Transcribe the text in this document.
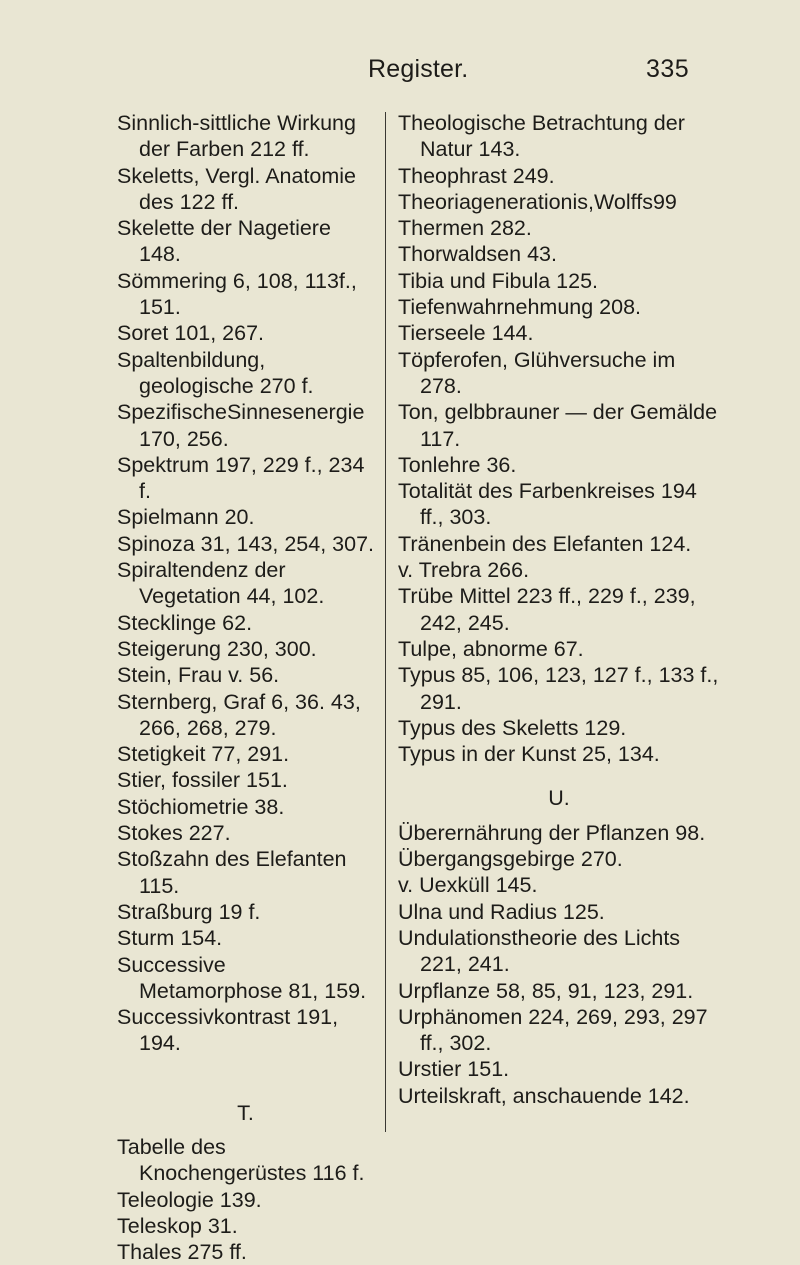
Register.	335

Sinnlich-sittliche Wirkung der Farben 212 ff.

Skeletts, Vergl. Anatomie des 122 ff.

Skelette der Nagetiere 148.

Sömmering 6, 108, 113f., 151.

Soret 101, 267.

Spaltenbildung, geologische 270 f.

SpezifischeSinnesenergie 170, 256.

Spektrum 197, 229 f., 234 f.

Spielmann 20.

Spinoza 31, 143, 254, 307.

Spiraltendenz der Vegetation 44, 102.

Stecklinge 62.

Steigerung 230, 300.

Stein, Frau v. 56.

Sternberg, Graf 6, 36. 43, 266, 268, 279.

Stetigkeit 77, 291.

Stier, fossiler 151.

Stöchiometrie 38.

Stokes 227.

Stoßzahn des Elefanten 115.

Straßburg 19 f.

Sturm 154.

Successive Metamorphose 81, 159.

Successivkontrast 191, 194.

T.

Tabelle des Knochengerüstes 116 f.

Teleologie 139.

Teleskop 31.

Thales 275 ff.

Theologische Betrachtung der Natur 143.

Theophrast 249.

Theoriagenerationis,Wolffs99

Thermen 282.

Thorwaldsen 43.

Tibia und Fibula 125.

Tiefenwahrnehmung 208.

Tierseele 144.

Töpferofen, Glühversuche im 278.

Ton, gelbbrauner — der Gemälde 117.

Tonlehre 36.

Totalität des Farbenkreises 194 ff., 303.

Tränenbein des Elefanten 124.

v. Trebra 266.

Trübe Mittel 223 ff., 229 f., 239, 242, 245.

Tulpe, abnorme 67.

Typus 85, 106, 123, 127 f., 133 f., 291.

Typus des Skeletts 129.

Typus in der Kunst 25, 134.

U.

Überernährung der Pflanzen 98.

Übergangsgebirge 270.

v. Uexküll 145.

Ulna und Radius 125.

Undulationstheorie des Lichts 221, 241.

Urpflanze 58, 85, 91, 123, 291.

Urphänomen 224, 269, 293, 297 ff., 302.

Urstier 151.

Urteilskraft, anschauende 142.
